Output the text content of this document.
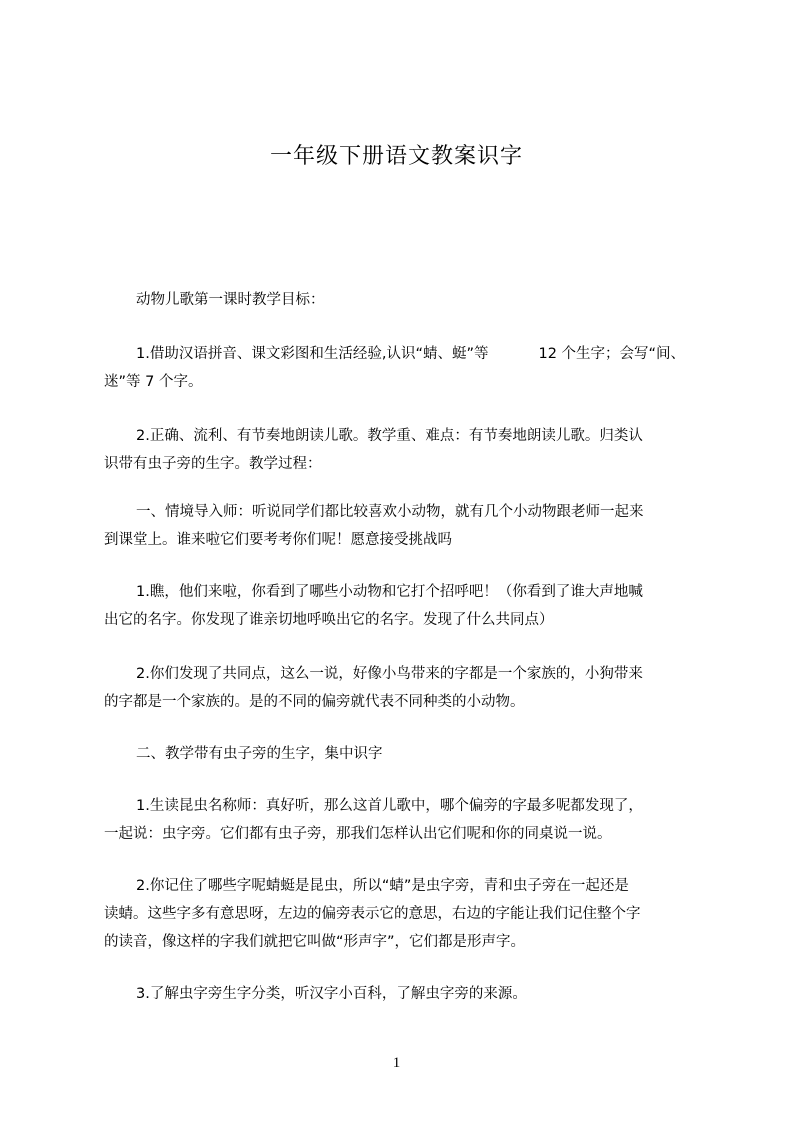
一年级下册语文教案识字
动物儿歌第一课时教学目标：
1.借助汉语拼音、课文彩图和生活经验,认识“蜻、蜓”等	12 个生字；会写“间、
迷”等 7 个字。
2.正确、流利、有节奏地朗读儿歌。教学重、难点：有节奏地朗读儿歌。归类认
识带有虫子旁的生字。教学过程：
一、情境导入师：听说同学们都比较喜欢小动物，就有几个小动物跟老师一起来
到课堂上。谁来啦它们要考考你们呢！愿意接受挑战吗
1.瞧，他们来啦，你看到了哪些小动物和它打个招呼吧！（你看到了谁大声地喊
出它的名字。你发现了谁亲切地呼唤出它的名字。发现了什么共同点）
2.你们发现了共同点，这么一说，好像小鸟带来的字都是一个家族的，小狗带来
的字都是一个家族的。是的不同的偏旁就代表不同种类的小动物。
二、教学带有虫子旁的生字，集中识字
1.生读昆虫名称师：真好听，那么这首儿歌中，哪个偏旁的字最多呢都发现了，
一起说：虫字旁。它们都有虫子旁，那我们怎样认出它们呢和你的同桌说一说。
2.你记住了哪些字呢蜻蜓是昆虫，所以“蜻”是虫字旁，青和虫子旁在一起还是
读蜻。这些字多有意思呀，左边的偏旁表示它的意思，右边的字能让我们记住整个字
的读音，像这样的字我们就把它叫做“形声字”，它们都是形声字。
3.了解虫字旁生字分类，听汉字小百科，了解虫字旁的来源。
1
